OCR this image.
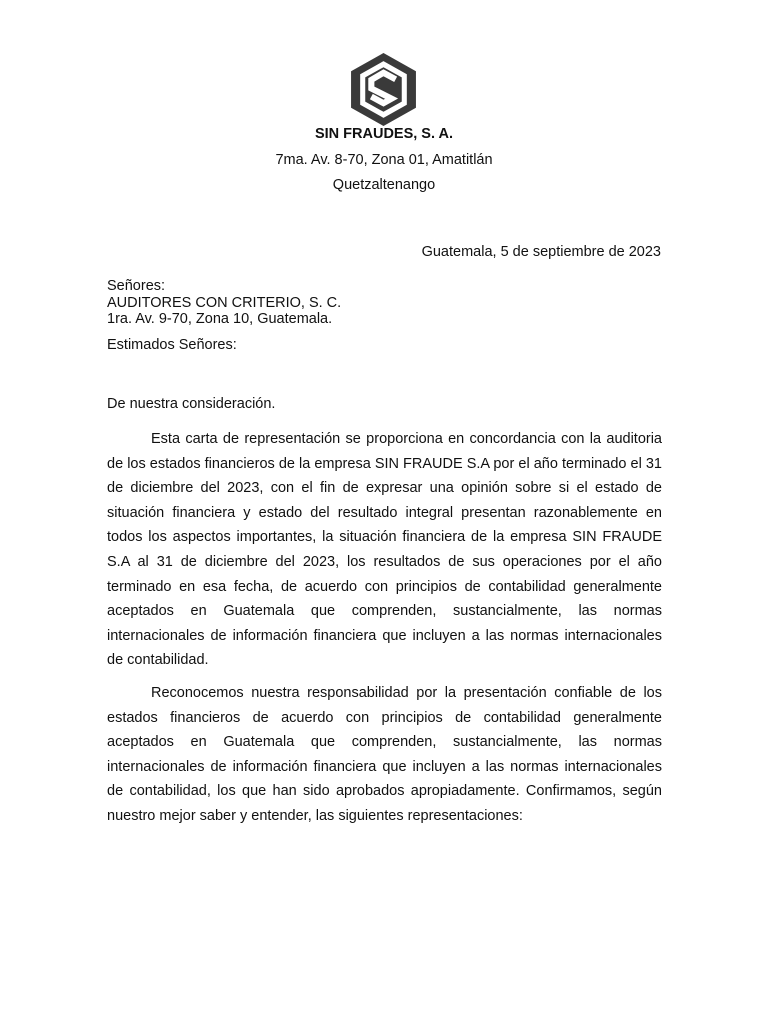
SIN FRAUDES, S. A.
7ma. Av. 8-70, Zona 01, Amatitlán
Quetzaltenango
Guatemala, 5 de septiembre de 2023
Señores:
AUDITORES CON CRITERIO, S. C.
1ra. Av. 9-70, Zona 10, Guatemala.
Estimados Señores:
De nuestra consideración.

Esta carta de representación se proporciona en concordancia con la auditoria de los estados financieros de la empresa SIN FRAUDE S.A por el año terminado el 31 de diciembre del 2023, con el fin de expresar una opinión sobre si el estado de situación financiera y estado del resultado integral presentan razonablemente en todos los aspectos importantes, la situación financiera de la empresa SIN FRAUDE S.A al 31 de diciembre del 2023, los resultados de sus operaciones por el año terminado en esa fecha, de acuerdo con principios de contabilidad generalmente aceptados en Guatemala que comprenden, sustancialmente, las normas internacionales de información financiera que incluyen a las normas internacionales de contabilidad.

Reconocemos nuestra responsabilidad por la presentación confiable de los estados financieros de acuerdo con principios de contabilidad generalmente aceptados en Guatemala que comprenden, sustancialmente, las normas internacionales de información financiera que incluyen a las normas internacionales de contabilidad, los que han sido aprobados apropiadamente. Confirmamos, según nuestro mejor saber y entender, las siguientes representaciones:
